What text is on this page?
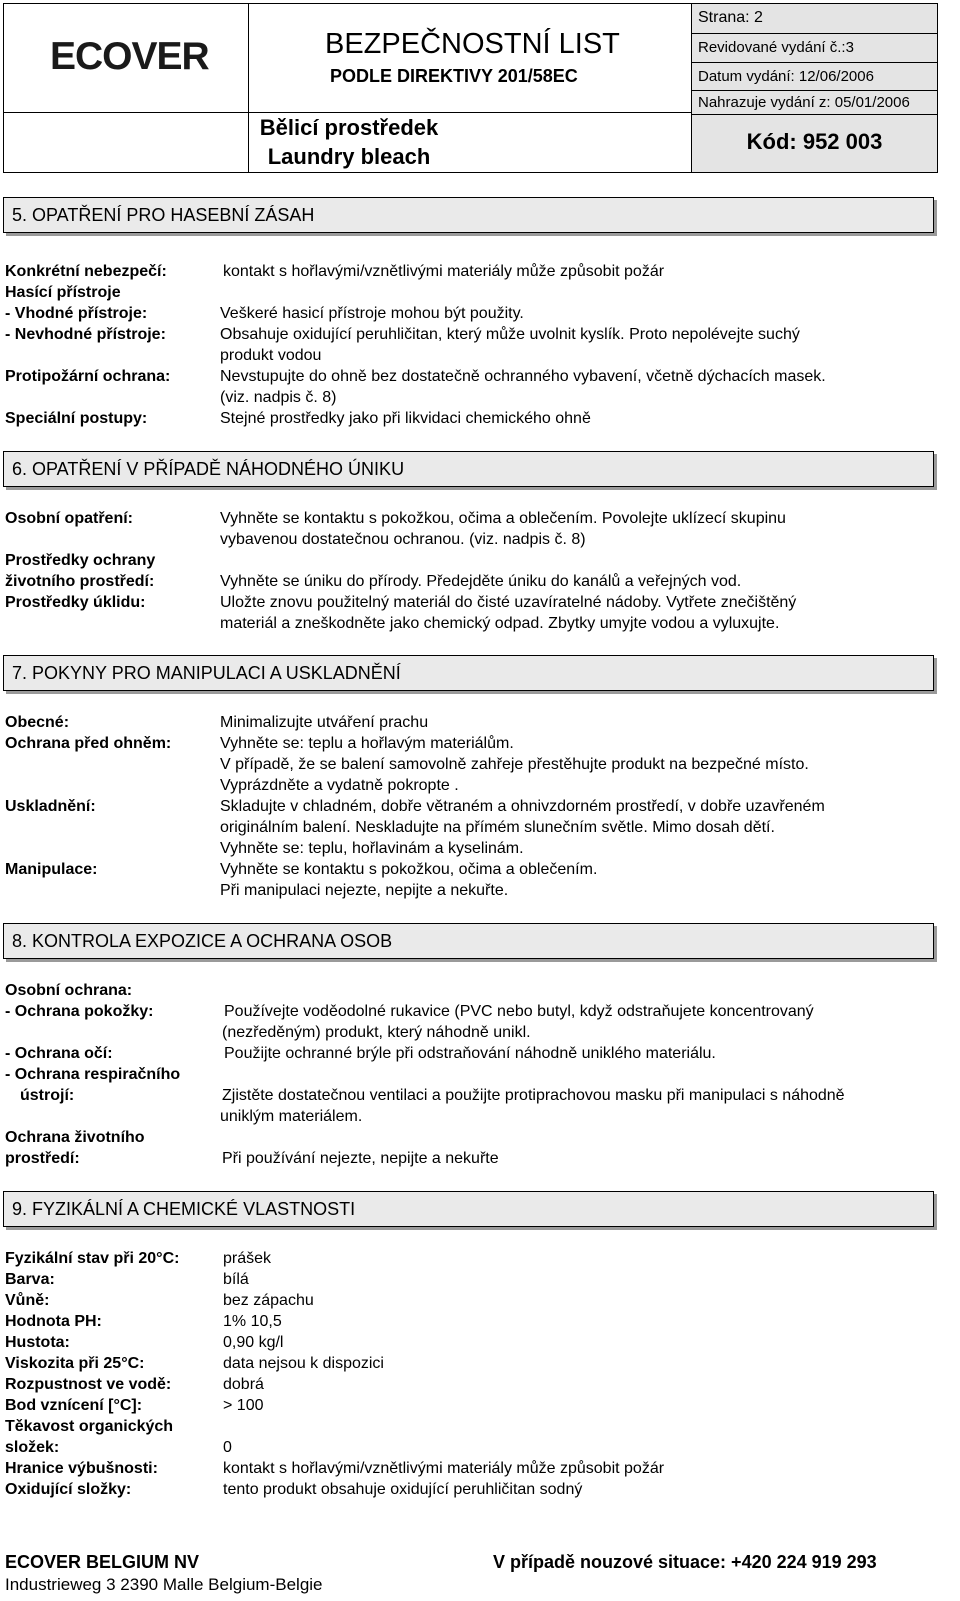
ECOVER	BEZPEČNOSTNÍ LIST
PODLE DIREKTIVY 201/58EC
Bělicí prostředek
Laundry bleach
Strana: 2
Revidované vydání č.:3
Datum vydání: 12/06/2006
Nahrazuje vydání z: 05/01/2006
Kód: 952 003
5. OPATŘENÍ PRO HASEBNÍ ZÁSAH
Konkrétní nebezpečí:	kontakt s hořlavými/vznětlivými materiály může způsobit požár
Hasící přístroje
- Vhodné přístroje:	Veškeré hasicí přístroje mohou být použity.
- Nevhodné přístroje:	Obsahuje oxidující peruhličitan, který může uvolnit kyslík. Proto nepolévejte suchý
produkt vodou
Protipožární ochrana:	Nevstupujte do ohně bez dostatečně ochranného vybavení, včetně dýchacích masek.
(viz. nadpis č. 8)
Speciální postupy:	Stejné prostředky jako při likvidaci chemického ohně
6. OPATŘENÍ V PŘÍPADĚ NÁHODNÉHO ÚNIKU
Osobní opatření:	Vyhněte se kontaktu s pokožkou, očima a oblečením. Povolejte uklízecí skupinu
vybavenou dostatečnou ochranou. (viz. nadpis č. 8)
Prostředky ochrany
životního prostředí:	Vyhněte se úniku do přírody. Předejděte úniku do kanálů a veřejných vod.
Prostředky úklidu:	Uložte znovu použitelný materiál do čisté uzavíratelné nádoby. Vytřete znečištěný
materiál a zneškodněte jako chemický odpad. Zbytky umyjte vodou a vyluxujte.
7. POKYNY PRO MANIPULACI A USKLADNĚNÍ
Obecné:	Minimalizujte utváření prachu
Ochrana před ohněm:	Vyhněte se: teplu a hořlavým materiálům.
V případě, že se balení samovolně zahřeje přestěhujte produkt na bezpečné místo.
Vyprázdněte a vydatně pokropte .
Uskladnění:	Skladujte v chladném, dobře větraném a ohnivzdorném prostředí, v dobře uzavřeném
originálním balení. Neskladujte na přímém slunečním světle. Mimo dosah dětí.
Vyhněte se: teplu, hořlavinám a kyselinám.
Manipulace:	Vyhněte se kontaktu s pokožkou, očima a oblečením.
Při manipulaci nejezte, nepijte a nekuřte.
8. KONTROLA EXPOZICE A OCHRANA OSOB
Osobní ochrana:
- Ochrana pokožky:	Používejte voděodolné rukavice (PVC nebo butyl, když odstraňujete koncentrovaný
(nezředěným) produkt, který náhodně unikl.
- Ochrana očí:	Použijte ochranné brýle při odstraňování náhodně uniklého materiálu.
- Ochrana respiračního
ústrojí:	Zjistěte dostatečnou ventilaci a použijte protiprachovou masku při manipulaci s náhodně
uniklým materiálem.
Ochrana životního
prostředí:	Při používání nejezte, nepijte a nekuřte
9. FYZIKÁLNÍ A CHEMICKÉ VLASTNOSTI
Fyzikální stav při 20°C:	prášek
Barva:	bílá
Vůně:	bez zápachu
Hodnota PH:	1% 10,5
Hustota:	0,90 kg/l
Viskozita při 25°C:	data nejsou k dispozici
Rozpustnost ve vodě:	dobrá
Bod vznícení [°C]:	> 100
Těkavost organických
složek:	0
Hranice výbušnosti:	kontakt s hořlavými/vznětlivými materiály může způsobit požár
Oxidující složky:	tento produkt obsahuje oxidující peruhličitan sodný
ECOVER BELGIUM NV
Industrieweg 3 2390 Malle Belgium-Belgie
V případě nouzové situace: +420 224 919 293
